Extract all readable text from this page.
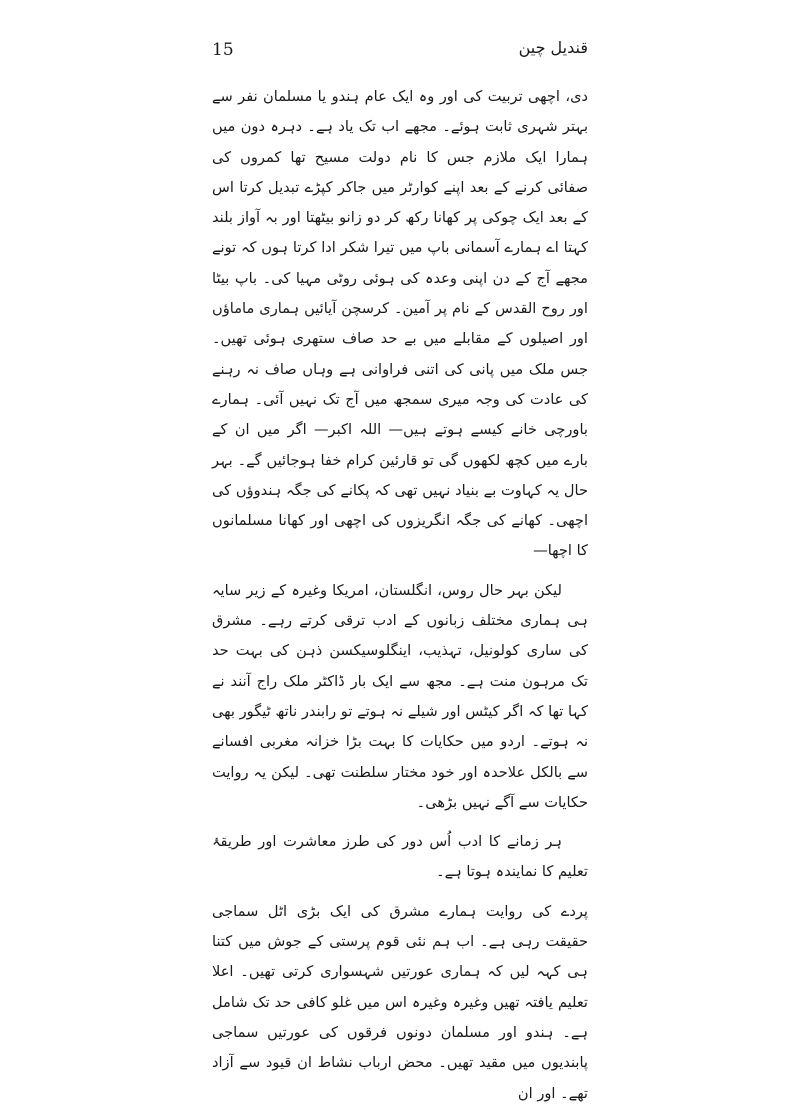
15	قندیل چین

دی، اچھی تربیت کی اور وہ ایک عام ہندو یا مسلمان نفر سے بہتر شہری ثابت ہوئے۔ مجھے اب تک یاد ہے۔ دہرہ دون میں ہمارا ایک ملازم جس کا نام دولت مسیح تھا کمروں کی صفائی کرنے کے بعد اپنے کوارٹر میں جاکر کپڑے تبدیل کرتا اس کے بعد ایک چوکی پر کھانا رکھ کر دو زانو بیٹھتا اور بہ آواز بلند کہتا اے ہمارے آسمانی باپ میں تیرا شکر ادا کرتا ہوں کہ تونے مجھے آج کے دن اپنی وعدہ کی ہوئی روٹی مہیا کی۔ باپ بیٹا اور روح القدس کے نام پر آمین۔ کرسچن آیائیں ہماری ماماؤں اور اصیلوں کے مقابلے میں بے حد صاف ستھری ہوئی تھیں۔ جس ملک میں پانی کی اتنی فراوانی ہے وہاں صاف نہ رہنے کی عادت کی وجہ میری سمجھ میں آج تک نہیں آئی۔ ہمارے باورچی خانے کیسے ہوتے ہیں— اللہ اکبر— اگر میں ان کے بارے میں کچھ لکھوں گی تو قارئین کرام خفا ہوجائیں گے۔ بہر حال یہ کہاوت بے بنیاد نہیں تھی کہ پکانے کی جگہ ہندوؤں کی اچھی۔ کھانے کی جگہ انگریزوں کی اچھی اور کھانا مسلمانوں کا اچھا—

لیکن بہر حال روس، انگلستان، امریکا وغیرہ کے زیر سایہ ہی ہماری مختلف زبانوں کے ادب ترقی کرتے رہے۔ مشرق کی ساری کولونیل، تہذیب، اینگلوسیکسن ذہن کی بہت حد تک مرہون منت ہے۔ مجھ سے ایک بار ڈاکٹر ملک راج آنند نے کہا تھا کہ اگر کیٹس اور شیلے نہ ہوتے تو رابندر ناتھ ٹیگور بھی نہ ہوتے۔ اردو میں حکایات کا بہت بڑا خزانہ مغربی افسانے سے بالکل علاحدہ اور خود مختار سلطنت تھی۔ لیکن یہ روایت حکایات سے آگے نہیں بڑھی۔

ہر زمانے کا ادب اُس دور کی طرز معاشرت اور طریقۂ تعلیم کا نمایندہ ہوتا ہے۔

پردے کی روایت ہمارے مشرق کی ایک بڑی اٹل سماجی حقیقت رہی ہے۔ اب ہم نئی قوم پرستی کے جوش میں کتنا ہی کہہ لیں کہ ہماری عورتیں شہسواری کرتی تھیں۔ اعلا تعلیم یافتہ تھیں وغیرہ وغیرہ اس میں غلو کافی حد تک شامل ہے۔ ہندو اور مسلمان دونوں فرقوں کی عورتیں سماجی پابندیوں میں مقید تھیں۔ محض ارباب نشاط ان قیود سے آزاد تھے۔ اور ان
